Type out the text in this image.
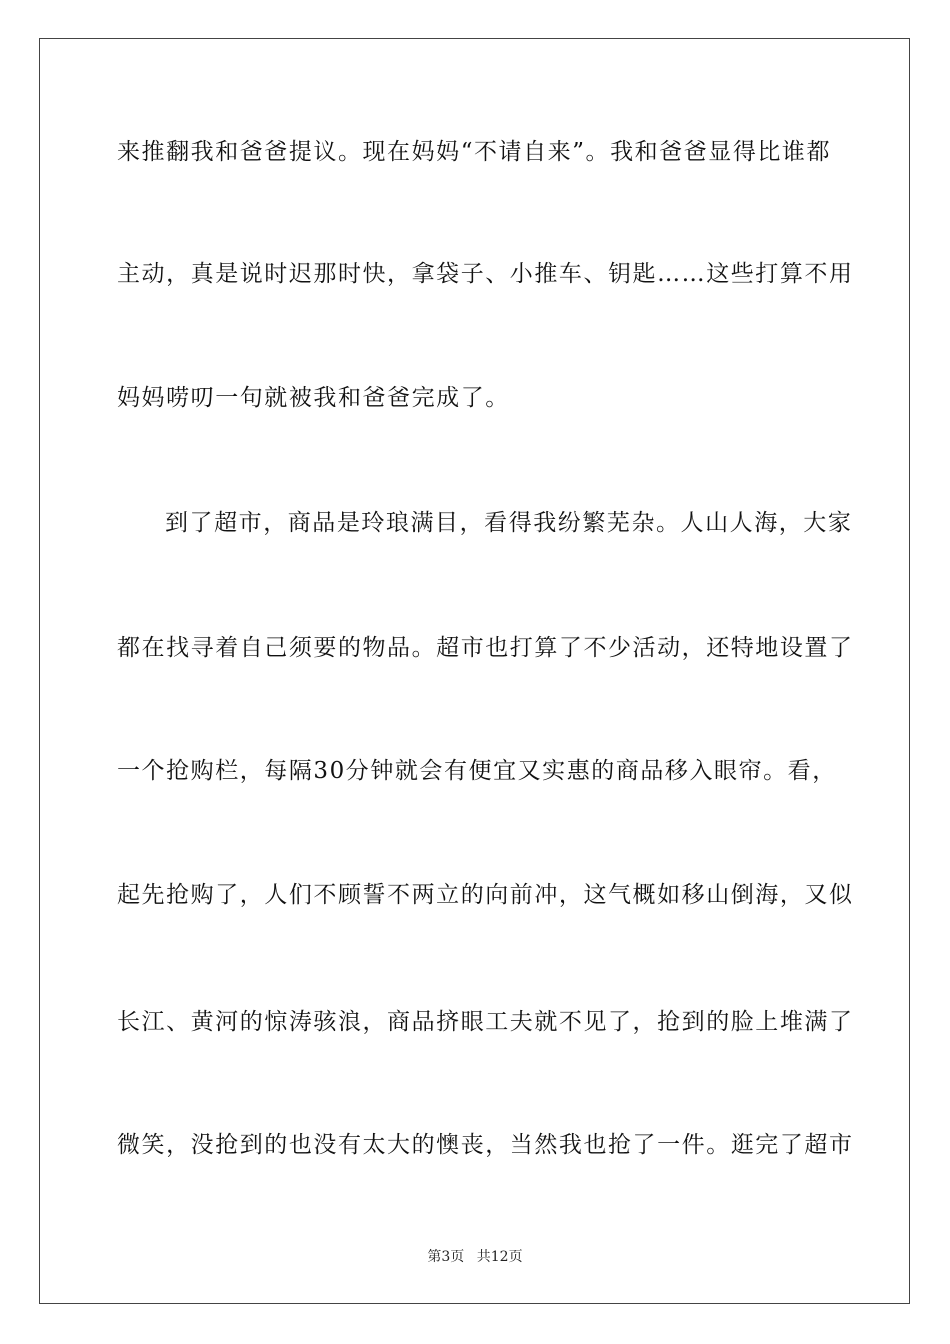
来推翻我和爸爸提议。现在妈妈“不请自来”。我和爸爸显得比谁都
主动，真是说时迟那时快，拿袋子、小推车、钥匙……这些打算不用
妈妈唠叨一句就被我和爸爸完成了。
到了超市，商品是玲琅满目，看得我纷繁芜杂。人山人海，大家
都在找寻着自己须要的物品。超市也打算了不少活动，还特地设置了
一个抢购栏，每隔30分钟就会有便宜又实惠的商品移入眼帘。看，
起先抢购了，人们不顾誓不两立的向前冲，这气概如移山倒海，又似
长江、黄河的惊涛骇浪，商品挤眼工夫就不见了，抢到的脸上堆满了
微笑，没抢到的也没有太大的懊丧，当然我也抢了一件。逛完了超市
第3页 共12页
